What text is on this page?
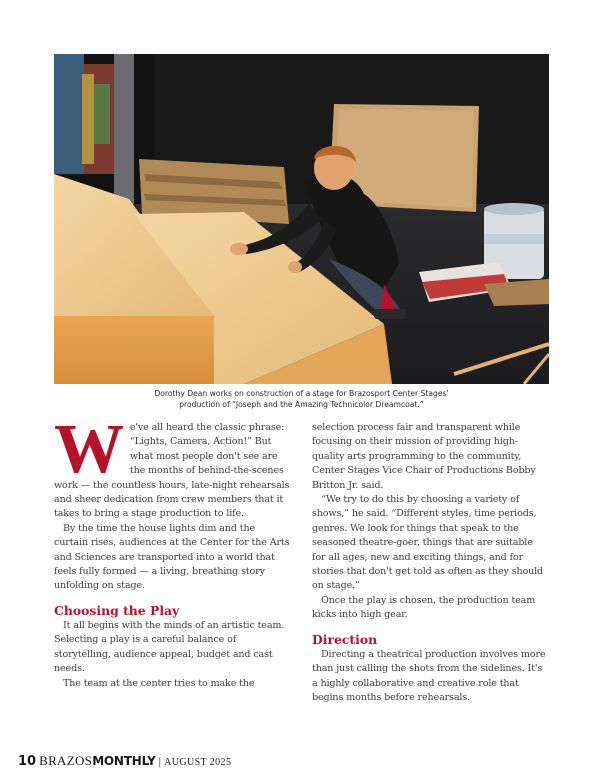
Dorothy Dean works on construction of a stage for Brazosport Center Stages'
production of “Joseph and the Amazing Technicolor Dreamcoat.”

We've all heard the classic phrase: “Lights, Camera, Action!” But what most people don't see are the months of behind-the-scenes work — the countless hours, late-night rehearsals and sheer dedication from crew members that it takes to bring a stage production to life.

By the time the house lights dim and the curtain rises, audiences at the Center for the Arts and Sciences are transported into a world that feels fully formed — a living, breathing story unfolding on stage.

Choosing the Play

It all begins with the minds of an artistic team. Selecting a play is a careful balance of storytelling, audience appeal, budget and cast needs.

The team at the center tries to make the

selection process fair and transparent while focusing on their mission of providing high-quality arts programming to the community, Center Stages Vice Chair of Productions Bobby Britton Jr. said.

“We try to do this by choosing a variety of shows,” he said. “Different styles, time periods, genres. We look for things that speak to the seasoned theatre-goer, things that are suitable for all ages, new and exciting things, and for stories that don't get told as often as they should on stage.”

Once the play is chosen, the production team kicks into high gear.

Direction

Directing a theatrical production involves more than just calling the shots from the sidelines. It's a highly collaborative and creative role that begins months before rehearsals.

10 BRAZOSMONTHLY | AUGUST 2025
